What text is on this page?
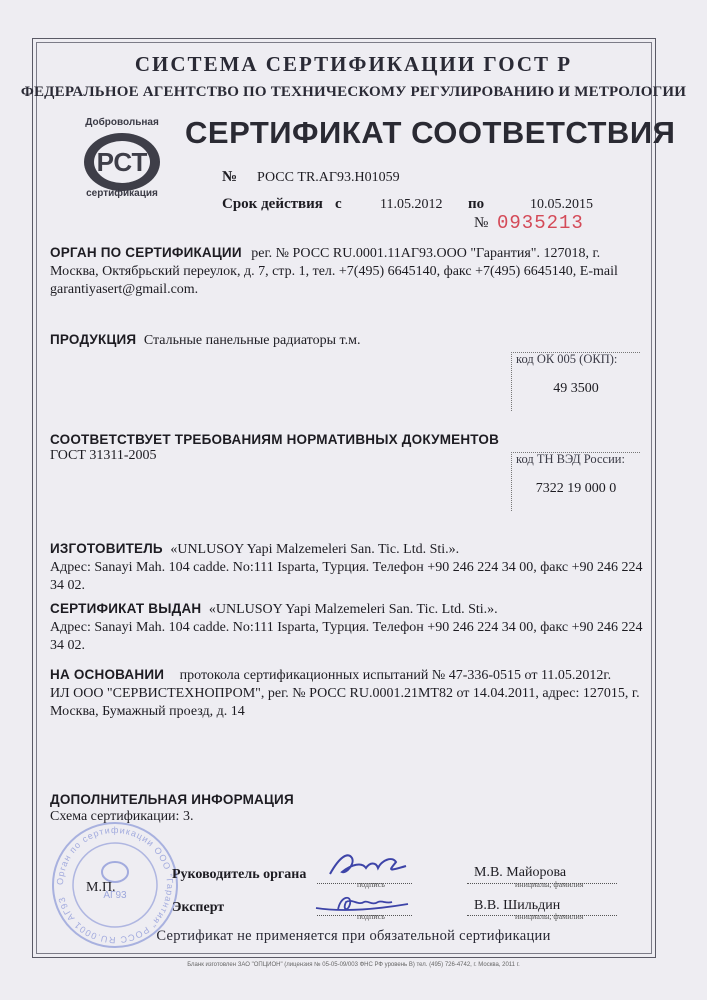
СИСТЕМА СЕРТИФИКАЦИИ ГОСТ Р
ФЕДЕРАЛЬНОЕ АГЕНТСТВО ПО ТЕХНИЧЕСКОМУ РЕГУЛИРОВАНИЮ И МЕТРОЛОГИИ
РСТ
Добровольная
сертификация
СЕРТИФИКАТ СООТВЕТСТВИЯ
№ РОСС TR.АГ93.Н01059
Срок действия с	11.05.2012 по	10.05.2015
№ 0935213
ОРГАН ПО СЕРТИФИКАЦИИ рег. № РОСС RU.0001.11АГ93.ООО "Гарантия". 127018, г.
Москва, Октябрьский переулок, д. 7, стр. 1, тел. +7(495) 6645140, факс +7(495) 6645140, E-mail
garantiyasert@gmail.com.
ПРОДУКЦИЯ Стальные панельные радиаторы т.м.
код ОК 005 (ОКП):
49 3500
СООТВЕТСТВУЕТ ТРЕБОВАНИЯМ НОРМАТИВНЫХ ДОКУМЕНТОВ
ГОСТ 31311-2005	код ТН ВЭД России:
7322 19 000 0
ИЗГОТОВИТЕЛЬ «UNLUSOY Yapi Malzemeleri San. Tic. Ltd. Sti.».
Адрес: Sanayi Mah. 104 cadde. No:111 Isparta, Турция. Телефон +90 246 224 34 00, факс +90 246 224
34 02.
СЕРТИФИКАТ ВЫДАН «UNLUSOY Yapi Malzemeleri San. Tic. Ltd. Sti.».
Адрес: Sanayi Mah. 104 cadde. No:111 Isparta, Турция. Телефон +90 246 224 34 00, факс +90 246 224
34 02.
НА ОСНОВАНИИ протокола сертификационных испытаний № 47-336-0515 от 11.05.2012г.
ИЛ ООО "СЕРВИСТЕХНОПРОМ", рег. № РОСС RU.0001.21МТ82 от 14.04.2011, адрес: 127015, г.
Москва, Бумажный проезд, д. 14
ДОПОЛНИТЕЛЬНАЯ ИНФОРМАЦИЯ
Схема сертификации: 3.
Орган по сертификации ООО "Гарантия" РОСС RU.0001 АГ93	АГ93
М.П.
Руководитель органа
подпись
М.В. Майорова
инициалы, фамилия
Эксперт
подпись
В.В. Шильдин
инициалы, фамилия
Сертификат не применяется при обязательной сертификации
Бланк изготовлен ЗАО "ОПЦИОН" (лицензия № 05-05-09/003 ФНС РФ уровень В) тел. (495) 726-4742, г. Москва, 2011 г.
